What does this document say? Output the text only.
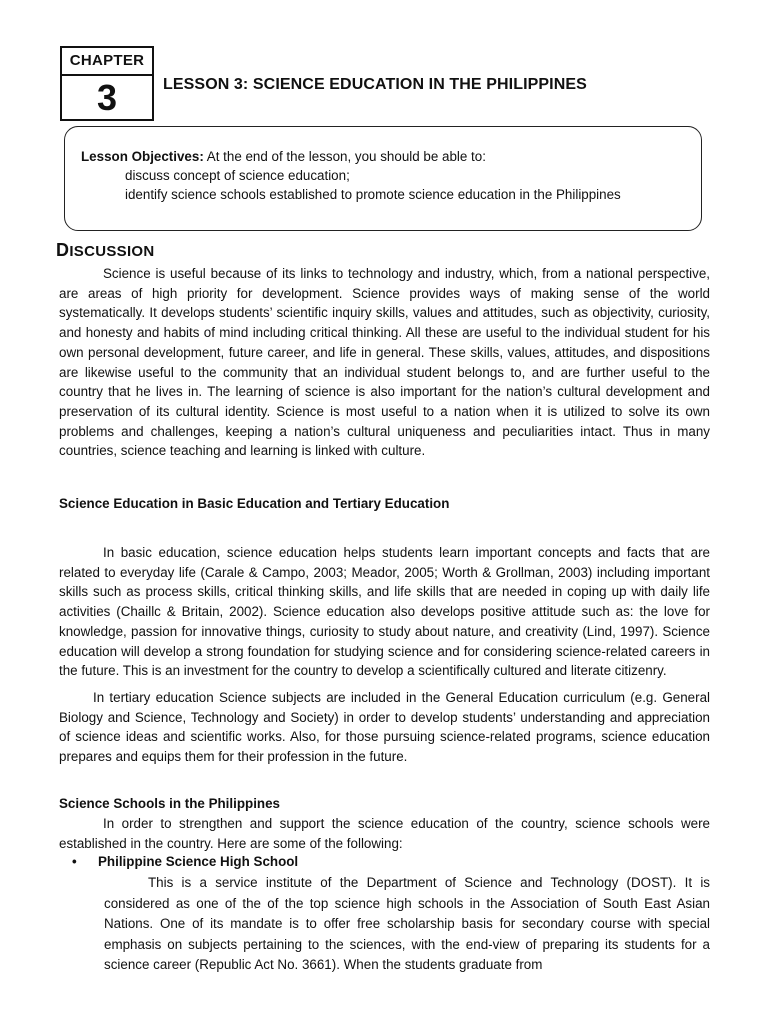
CHAPTER
3	LESSON 3: SCIENCE EDUCATION IN THE PHILIPPINES
Lesson Objectives: At the end of the lesson, you should be able to:
discuss concept of science education;
identify science schools established to promote science education in the Philippines
DISCUSSION

Science is useful because of its links to technology and industry, which, from a national perspective, are areas of high priority for development. Science provides ways of making sense of the world systematically. It develops students’ scientific inquiry skills, values and attitudes, such as objectivity, curiosity, and honesty and habits of mind including critical thinking. All these are useful to the individual student for his own personal development, future career, and life in general. These skills, values, attitudes, and dispositions are likewise useful to the community that an individual student belongs to, and are further useful to the country that he lives in. The learning of science is also important for the nation’s cultural development and preservation of its cultural identity. Science is most useful to a nation when it is utilized to solve its own problems and challenges, keeping a nation’s cultural uniqueness and peculiarities intact. Thus in many countries, science teaching and learning is linked with culture.

Science Education in Basic Education and Tertiary Education

In basic education, science education helps students learn important concepts and facts that are related to everyday life (Carale & Campo, 2003; Meador, 2005; Worth & Grollman, 2003) including important skills such as process skills, critical thinking skills, and life skills that are needed in coping up with daily life activities (Chaillc & Britain, 2002). Science education also develops positive attitude such as: the love for knowledge, passion for innovative things, curiosity to study about nature, and creativity (Lind, 1997). Science education will develop a strong foundation for studying science and for considering science-related careers in the future. This is an investment for the country to develop a scientifically cultured and literate citizenry.

In tertiary education Science subjects are included in the General Education curriculum (e.g. General Biology and Science, Technology and Society) in order to develop students’ understanding and appreciation of science ideas and scientific works. Also, for those pursuing science-related programs, science education prepares and equips them for their profession in the future.

Science Schools in the Philippines

In order to strengthen and support the science education of the country, science schools were established in the country. Here are some of the following:

• Philippine Science High School

This is a service institute of the Department of Science and Technology (DOST). It is considered as one of the of the top science high schools in the Association of South East Asian Nations. One of its mandate is to offer free scholarship basis for secondary course with special emphasis on subjects pertaining to the sciences, with the end-view of preparing its students for a science career (Republic Act No. 3661). When the students graduate from
